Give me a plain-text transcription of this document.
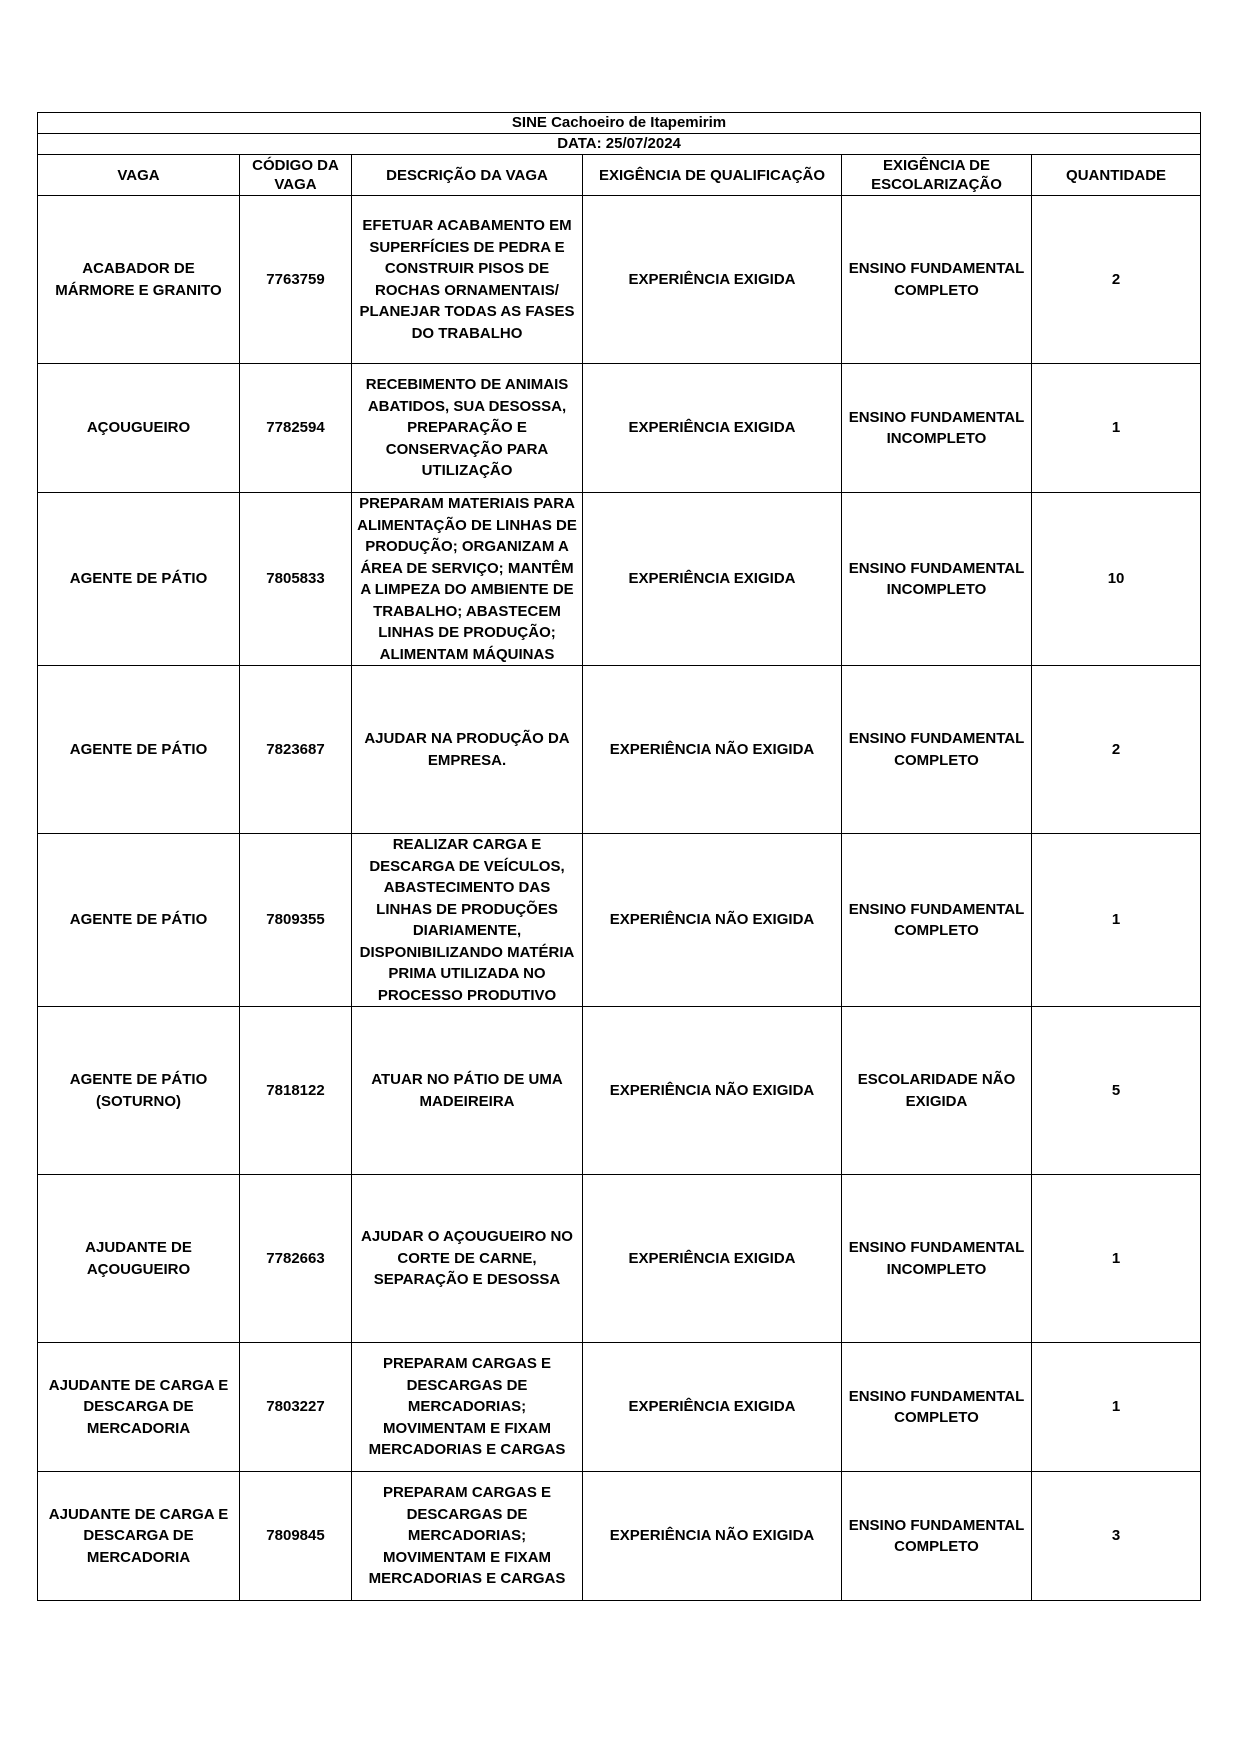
SINE Cachoeiro de Itapemirim					
DATA: 25/07/2024					
VAGA	CÓDIGO DA VAGA	DESCRIÇÃO DA VAGA	EXIGÊNCIA DE QUALIFICAÇÃO	EXIGÊNCIA DE ESCOLARIZAÇÃO	QUANTIDADE
ACABADOR DE MÁRMORE E GRANITO	7763759	EFETUAR ACABAMENTO EM SUPERFÍCIES DE PEDRA E CONSTRUIR PISOS DE ROCHAS ORNAMENTAIS/ PLANEJAR TODAS AS FASES DO TRABALHO	EXPERIÊNCIA EXIGIDA	ENSINO FUNDAMENTAL COMPLETO	2
AÇOUGUEIRO	7782594	RECEBIMENTO DE ANIMAIS ABATIDOS, SUA DESOSSA, PREPARAÇÃO E CONSERVAÇÃO PARA UTILIZAÇÃO	EXPERIÊNCIA EXIGIDA	ENSINO FUNDAMENTAL INCOMPLETO	1
AGENTE DE PÁTIO	7805833	PREPARAM MATERIAIS PARA ALIMENTAÇÃO DE LINHAS DE PRODUÇÃO; ORGANIZAM A ÁREA DE SERVIÇO; MANTÊM A LIMPEZA DO AMBIENTE DE TRABALHO; ABASTECEM LINHAS DE PRODUÇÃO; ALIMENTAM MÁQUINAS	EXPERIÊNCIA EXIGIDA	ENSINO FUNDAMENTAL INCOMPLETO	10
AGENTE DE PÁTIO	7823687	AJUDAR NA PRODUÇÃO DA EMPRESA.	EXPERIÊNCIA NÃO EXIGIDA	ENSINO FUNDAMENTAL COMPLETO	2
AGENTE DE PÁTIO	7809355	REALIZAR CARGA E DESCARGA DE VEÍCULOS, ABASTECIMENTO DAS LINHAS DE PRODUÇÕES DIARIAMENTE, DISPONIBILIZANDO MATÉRIA PRIMA UTILIZADA NO PROCESSO PRODUTIVO	EXPERIÊNCIA NÃO EXIGIDA	ENSINO FUNDAMENTAL COMPLETO	1
AGENTE DE PÁTIO (SOTURNO)	7818122	ATUAR NO PÁTIO DE UMA MADEIREIRA	EXPERIÊNCIA NÃO EXIGIDA	ESCOLARIDADE NÃO EXIGIDA	5
AJUDANTE DE AÇOUGUEIRO	7782663	AJUDAR O AÇOUGUEIRO NO CORTE DE CARNE, SEPARAÇÃO E DESOSSA	EXPERIÊNCIA EXIGIDA	ENSINO FUNDAMENTAL INCOMPLETO	1
AJUDANTE DE CARGA E DESCARGA DE MERCADORIA	7803227	PREPARAM CARGAS E DESCARGAS DE MERCADORIAS; MOVIMENTAM E FIXAM MERCADORIAS E CARGAS	EXPERIÊNCIA EXIGIDA	ENSINO FUNDAMENTAL COMPLETO	1
AJUDANTE DE CARGA E DESCARGA DE MERCADORIA	7809845	PREPARAM CARGAS E DESCARGAS DE MERCADORIAS; MOVIMENTAM E FIXAM MERCADORIAS E CARGAS	EXPERIÊNCIA NÃO EXIGIDA	ENSINO FUNDAMENTAL COMPLETO	3
